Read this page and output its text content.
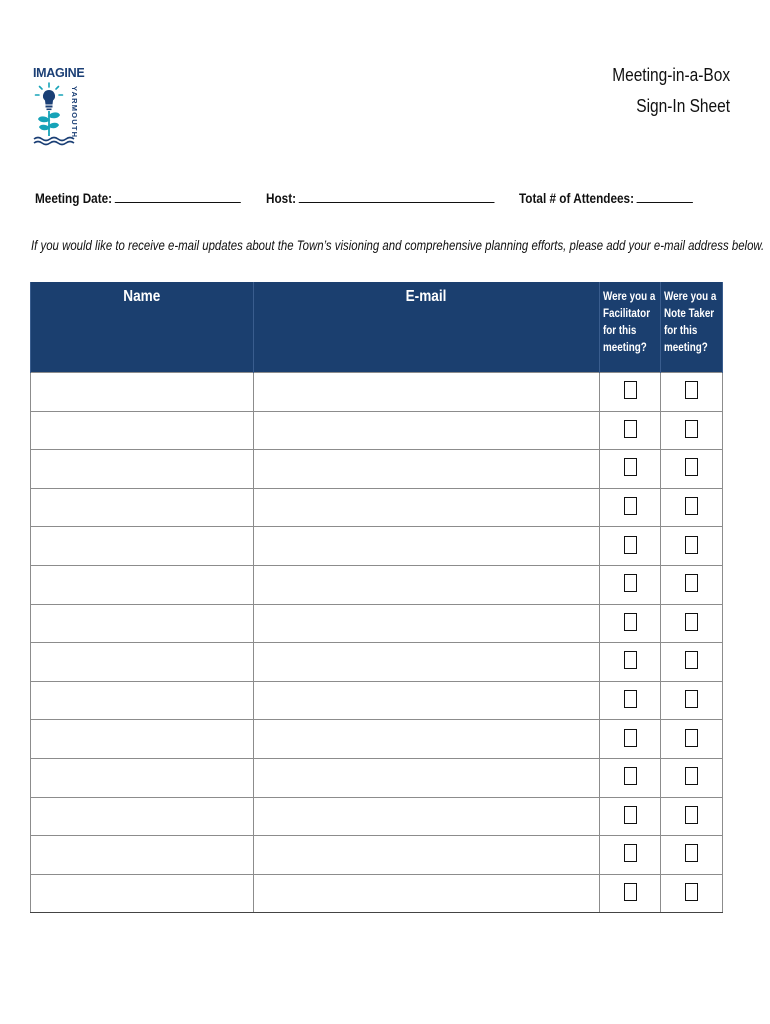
IMAGINE
YARMOUTH
Meeting-in-a-Box
Sign-In Sheet
Meeting Date:	Host:	Total # of Attendees:
If you would like to receive e-mail updates about the Town’s visioning and comprehensive planning efforts, please add your e-mail address below.
Name	E-mail	Were you a Facilitator for this meeting?	Were you a Note Taker for this meeting?
